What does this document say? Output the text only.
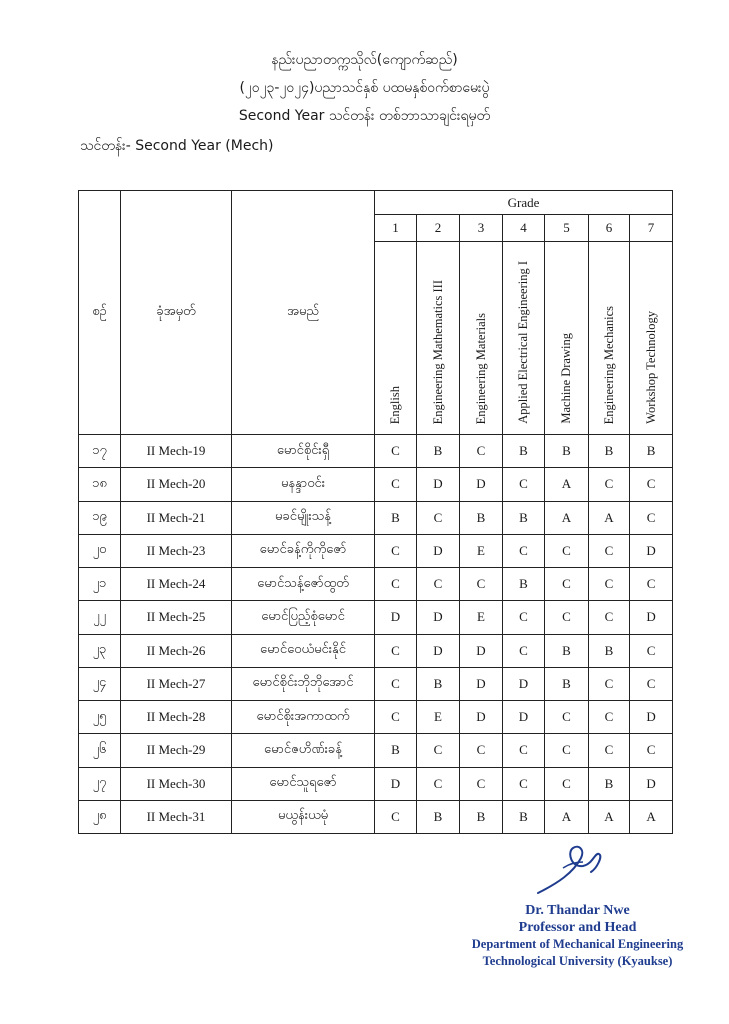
နည်းပညာတက္ကသိုလ်(ကျောက်ဆည်)
(၂၀၂၃-၂၀၂၄)ပညာသင်နှစ် ပထမနှစ်ဝက်စာမေးပွဲ
Second Year သင်တန်း တစ်ဘာသာချင်းရမှတ်
သင်တန်း- Second Year (Mech)
စဉ်	ခုံအမှတ်	အမည်	Grade						
			1	2	3	4	5	6	7
			English	Engineering Mathematics III	Engineering Materials	Applied Electrical Engineering I	Machine Drawing	Engineering Mechanics	Workshop Technology
၁၇	II Mech-19	မောင်စိုင်းရှီ	C	B	C	B	B	B	B
၁၈	II Mech-20	မနန္ဒာဝင်း	C	D	D	C	A	C	C
၁၉	II Mech-21	မခင်မျိုးသန့်	B	C	B	B	A	A	C
၂၀	II Mech-23	မောင်ခန့်ကိုကိုဇော်	C	D	E	C	C	C	D
၂၁	II Mech-24	မောင်သန့်ဇော်ထွတ်	C	C	C	B	C	C	C
၂၂	II Mech-25	မောင်ပြည့်စုံမောင်	D	D	E	C	C	C	D
၂၃	II Mech-26	မောင်ဝေယံမင်းနိုင်	C	D	D	C	B	B	C
၂၄	II Mech-27	မောင်စိုင်းဘိုဘိုအောင်	C	B	D	D	B	C	C
၂၅	II Mech-28	မောင်စိုးအကာထက်	C	E	D	D	C	C	D
၂၆	II Mech-29	မောင်ဇဟိဏ်းခန့်	B	C	C	C	C	C	C
၂၇	II Mech-30	မောင်သူရဇော်	D	C	C	C	C	B	D
၂၈	II Mech-31	မယွန်းယမုံ	C	B	B	B	A	A	A
Dr. Thandar Nwe
Professor and Head
Department of Mechanical Engineering
Technological University (Kyaukse)
